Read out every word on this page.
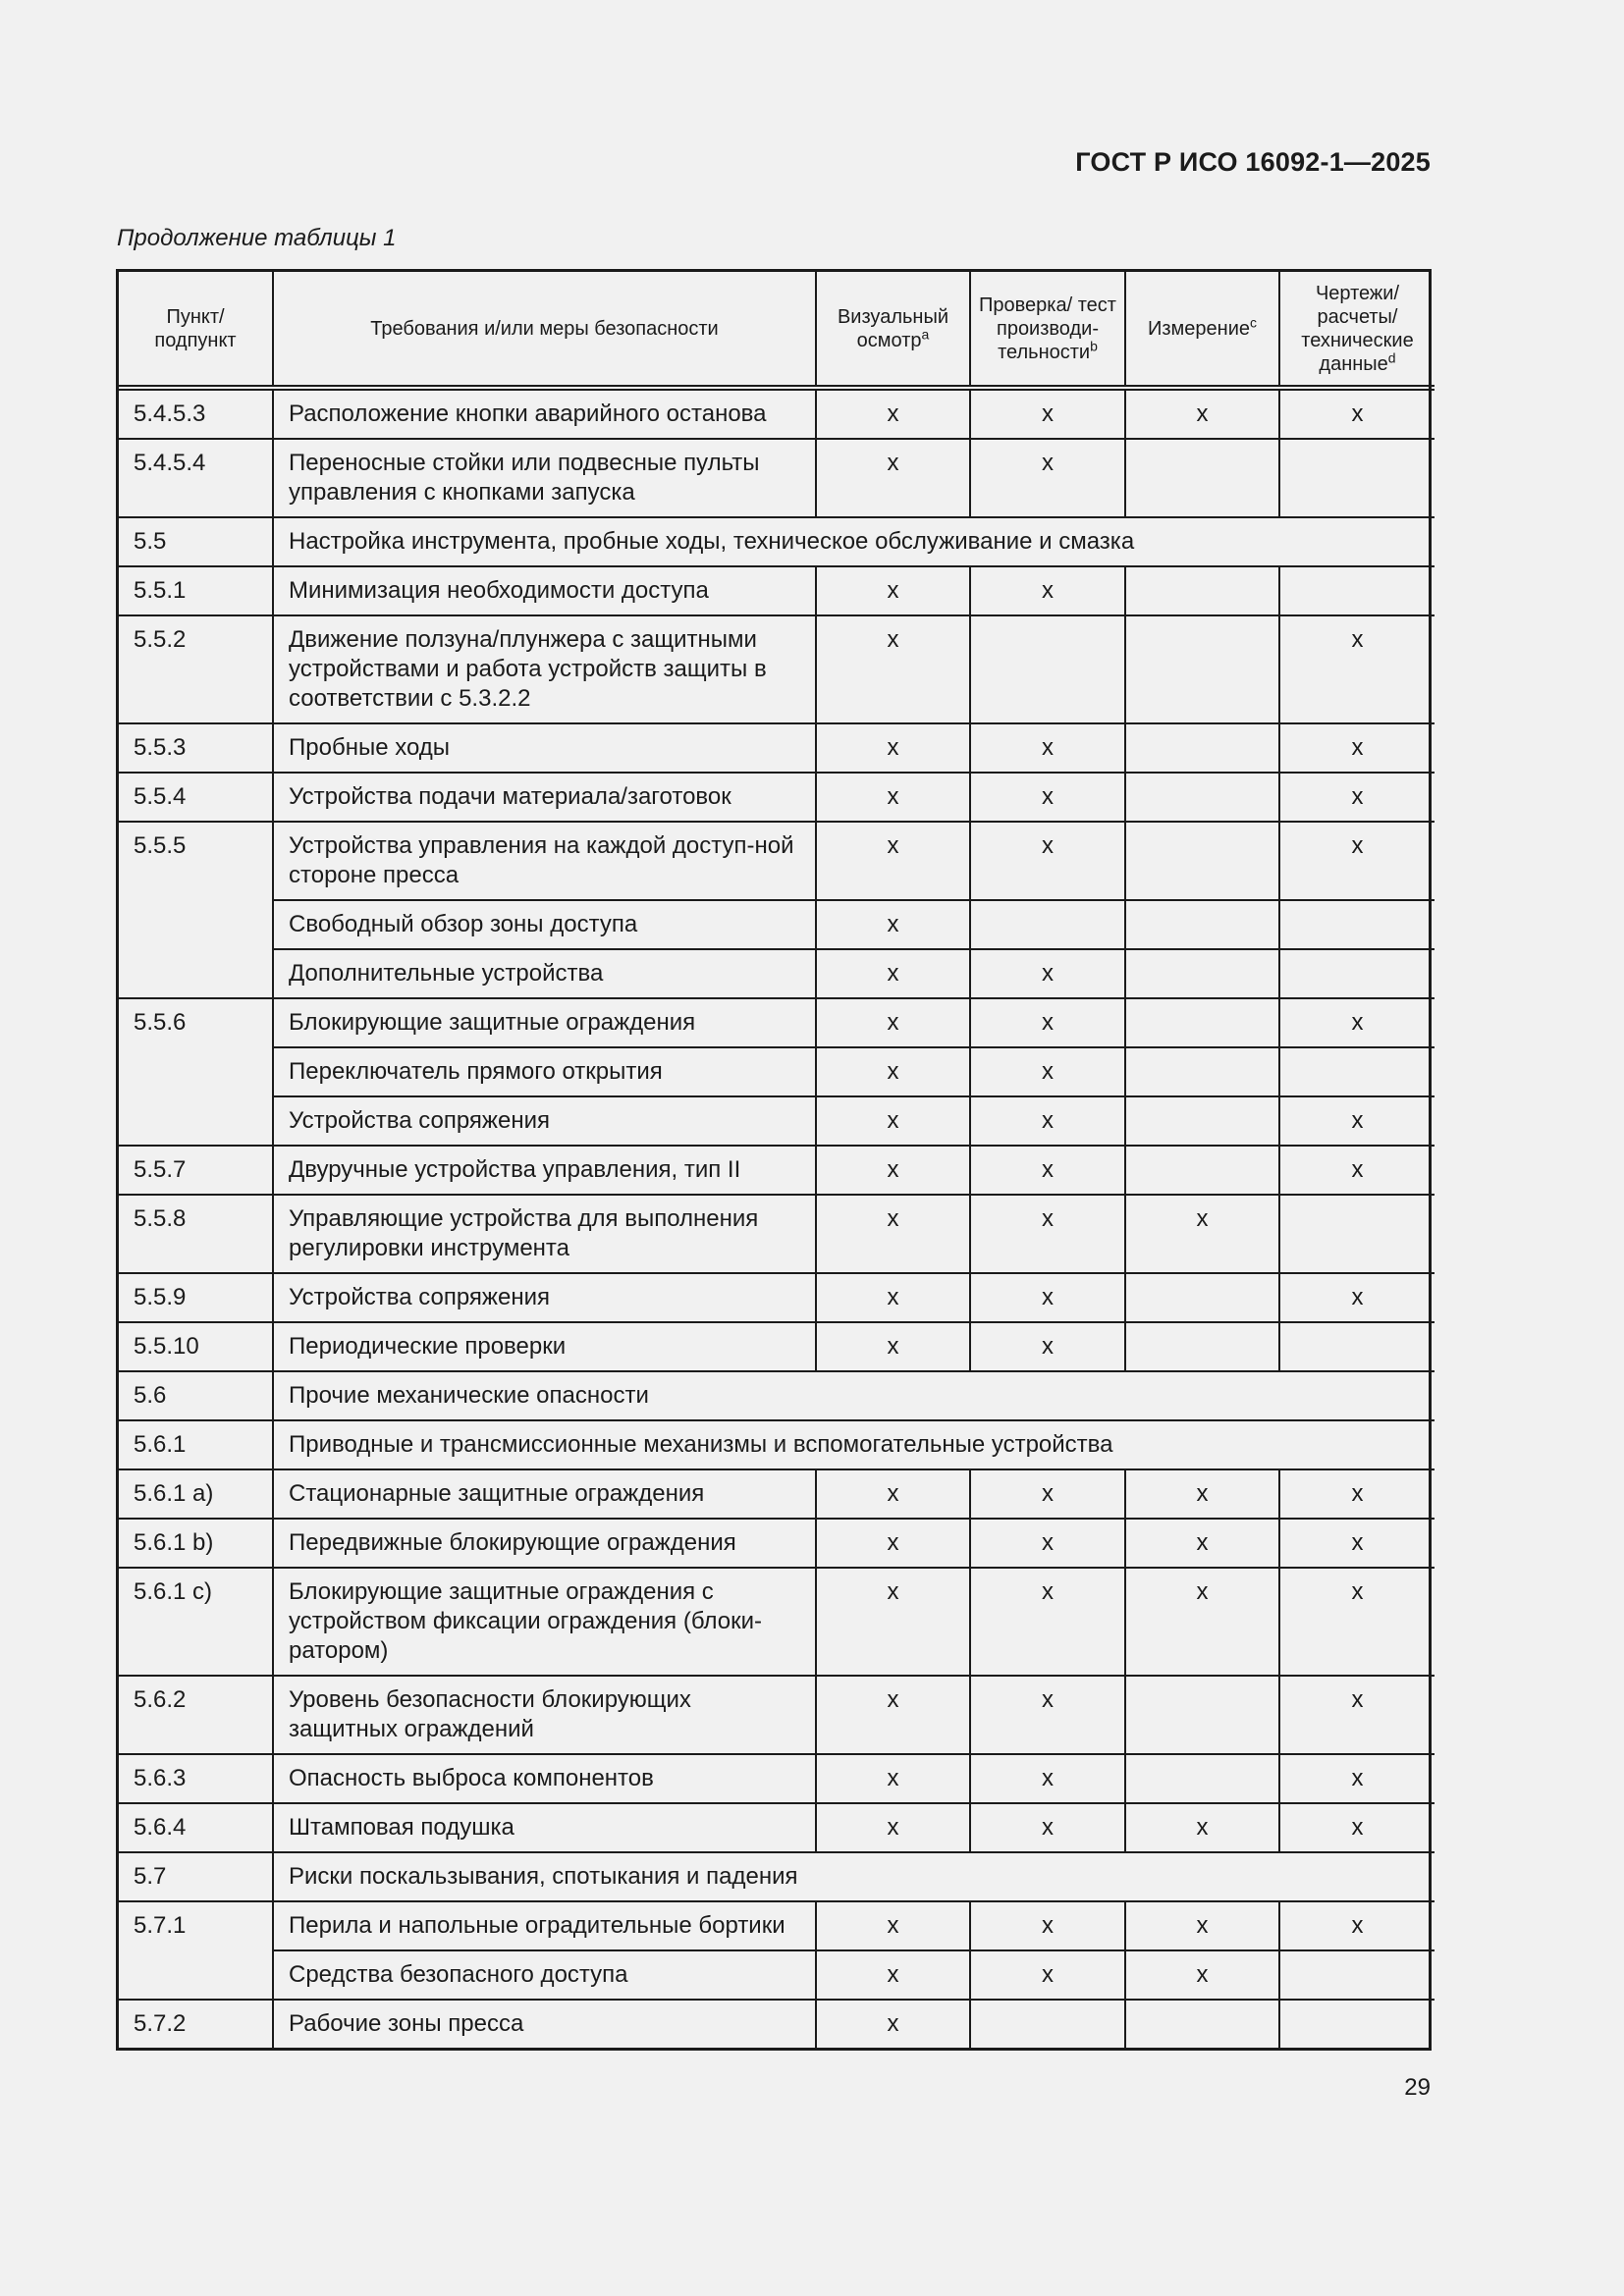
ГОСТ Р ИСО 16092-1—2025
Продолжение таблицы 1
Пункт/ подпункт	Требования и/или меры безопасности	Визуальный осмотр$^a$	Проверка/ тест производи-тельности$^b$	Измерение$^c$	Чертежи/ расчеты/ технические данные$^d$
5.4.5.3	Расположение кнопки аварийного останова	x	x	x	x
5.4.5.4	Переносные стойки или подвесные пульты управления с кнопками запуска	x	x		
5.5	Настройка инструмента, пробные ходы, техническое обслуживание и смазка				
5.5.1	Минимизация необходимости доступа	x	x		
5.5.2	Движение ползуна/плунжера с защитными устройствами и работа устройств защиты в соответствии с 5.3.2.2	x			x
5.5.3	Пробные ходы	x	x		x
5.5.4	Устройства подачи материала/заготовок	x	x		x
5.5.5	Устройства управления на каждой доступ-ной стороне пресса	x	x		x
	Свободный обзор зоны доступа	x			
	Дополнительные устройства	x	x		
5.5.6	Блокирующие защитные ограждения	x	x		x
	Переключатель прямого открытия	x	x		
	Устройства сопряжения	x	x		x
5.5.7	Двуручные устройства управления, тип II	x	x		x
5.5.8	Управляющие устройства для выполнения регулировки инструмента	x	x	x	
5.5.9	Устройства сопряжения	x	x		x
5.5.10	Периодические проверки	x	x		
5.6	Прочие механические опасности				
5.6.1	Приводные и трансмиссионные механизмы и вспомогательные устройства				
5.6.1 a)	Стационарные защитные ограждения	x	x	x	x
5.6.1 b)	Передвижные блокирующие ограждения	x	x	x	x
5.6.1 c)	Блокирующие защитные ограждения с устройством фиксации ограждения (блоки-ратором)	x	x	x	x
5.6.2	Уровень безопасности блокирующих защитных ограждений	x	x		x
5.6.3	Опасность выброса компонентов	x	x		x
5.6.4	Штамповая подушка	x	x	x	x
5.7	Риски поскальзывания, спотыкания и падения				
5.7.1	Перила и напольные оградительные бортики	x	x	x	x
	Средства безопасного доступа	x	x	x	
5.7.2	Рабочие зоны пресса	x			
29
